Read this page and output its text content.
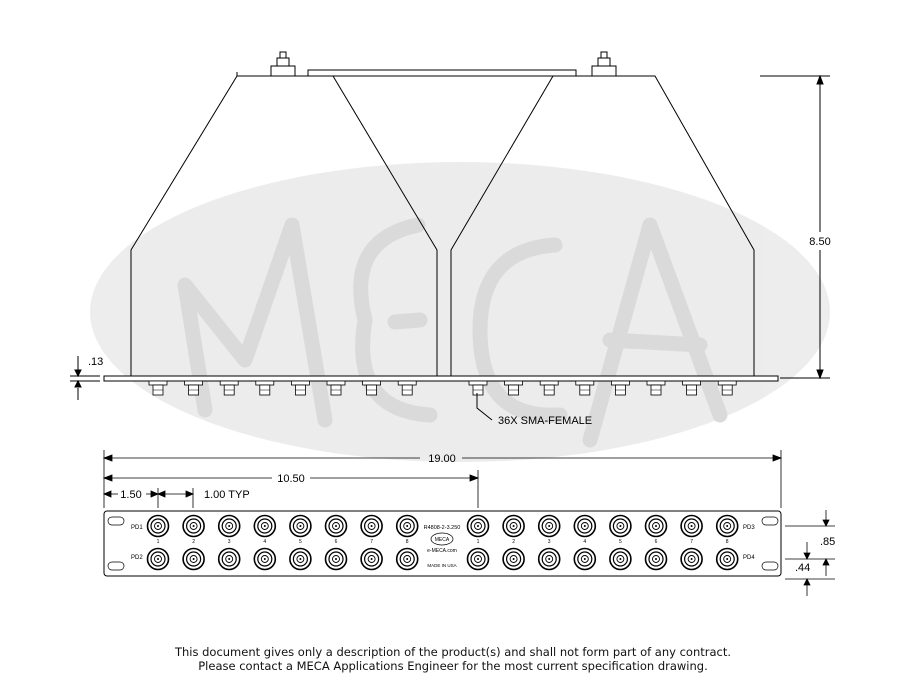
8.50
.13
36X SMA-FEMALE
19.00
10.50
1.50	1.00 TYP
.85
.44
1	2	3	4	5	6	7	8	1	2	3	4	5	6	7	8
PD1
PD2
PD3
PD4
R4808-2-3.250
MECA
e-MECA.com
MADE IN USA
This document gives only a description of the product(s) and shall not form part of any contract.
Please contact a MECA Applications Engineer for the most current specification drawing.
